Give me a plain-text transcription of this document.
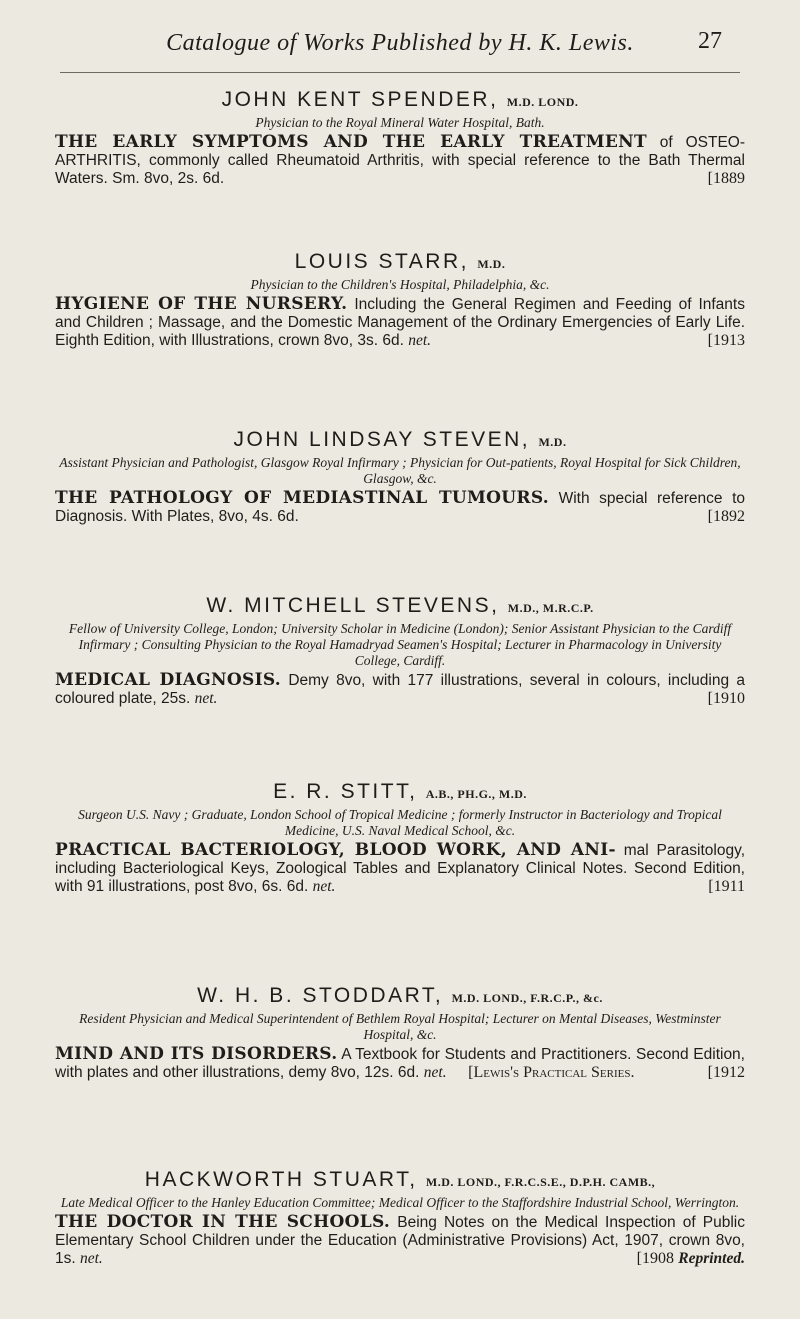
Catalogue of Works Published by H. K. Lewis.	27

JOHN KENT SPENDER, M.D. LOND.

Physician to the Royal Mineral Water Hospital, Bath.

THE EARLY SYMPTOMS AND THE EARLY TREATMENT of OSTEO-ARTHRITIS, commonly called Rheumatoid Arthritis, with special reference to the Bath Thermal Waters. Sm. 8vo, 2s. 6d.	[1889

LOUIS STARR, M.D.

Physician to the Children's Hospital, Philadelphia, &c.

HYGIENE OF THE NURSERY. Including the General Regimen and Feeding of Infants and Children ; Massage, and the Domestic Management of the Ordinary Emergencies of Early Life. Eighth Edition, with Illustrations, crown 8vo, 3s. 6d. net.	[1913

JOHN LINDSAY STEVEN, M.D.

Assistant Physician and Pathologist, Glasgow Royal Infirmary ; Physician for Out-patients, Royal Hospital for Sick Children, Glasgow, &c.

THE PATHOLOGY OF MEDIASTINAL TUMOURS. With special reference to Diagnosis. With Plates, 8vo, 4s. 6d.	[1892

W. MITCHELL STEVENS, M.D., M.R.C.P.

Fellow of University College, London; University Scholar in Medicine (London); Senior Assistant Physician to the Cardiff Infirmary ; Consulting Physician to the Royal Hamadryad Seamen's Hospital; Lecturer in Pharmacology in University College, Cardiff.

MEDICAL DIAGNOSIS. Demy 8vo, with 177 illustrations, several in colours, including a coloured plate, 25s. net.	[1910

E. R. STITT, A.B., PH.G., M.D.

Surgeon U.S. Navy ; Graduate, London School of Tropical Medicine ; formerly Instructor in Bacteriology and Tropical Medicine, U.S. Naval Medical School, &c.

PRACTICAL BACTERIOLOGY, BLOOD WORK, AND ANI- mal Parasitology, including Bacteriological Keys, Zoological Tables and Explanatory Clinical Notes. Second Edition, with 91 illustrations, post 8vo, 6s. 6d. net.	[1911

W. H. B. STODDART, M.D. LOND., F.R.C.P., &c.

Resident Physician and Medical Superintendent of Bethlem Royal Hospital; Lecturer on Mental Diseases, Westminster Hospital, &c.

MIND AND ITS DISORDERS. A Textbook for Students and Practitioners. Second Edition, with plates and other illustrations, demy 8vo, 12s. 6d. net. [Lewis's Practical Series.	[1912

HACKWORTH STUART, M.D. LOND., F.R.C.S.E., D.P.H. CAMB.,

Late Medical Officer to the Hanley Education Committee; Medical Officer to the Staffordshire Industrial School, Werrington.

THE DOCTOR IN THE SCHOOLS. Being Notes on the Medical Inspection of Public Elementary School Children under the Education (Administrative Provisions) Act, 1907, crown 8vo, 1s. net.	[1908 Reprinted.
